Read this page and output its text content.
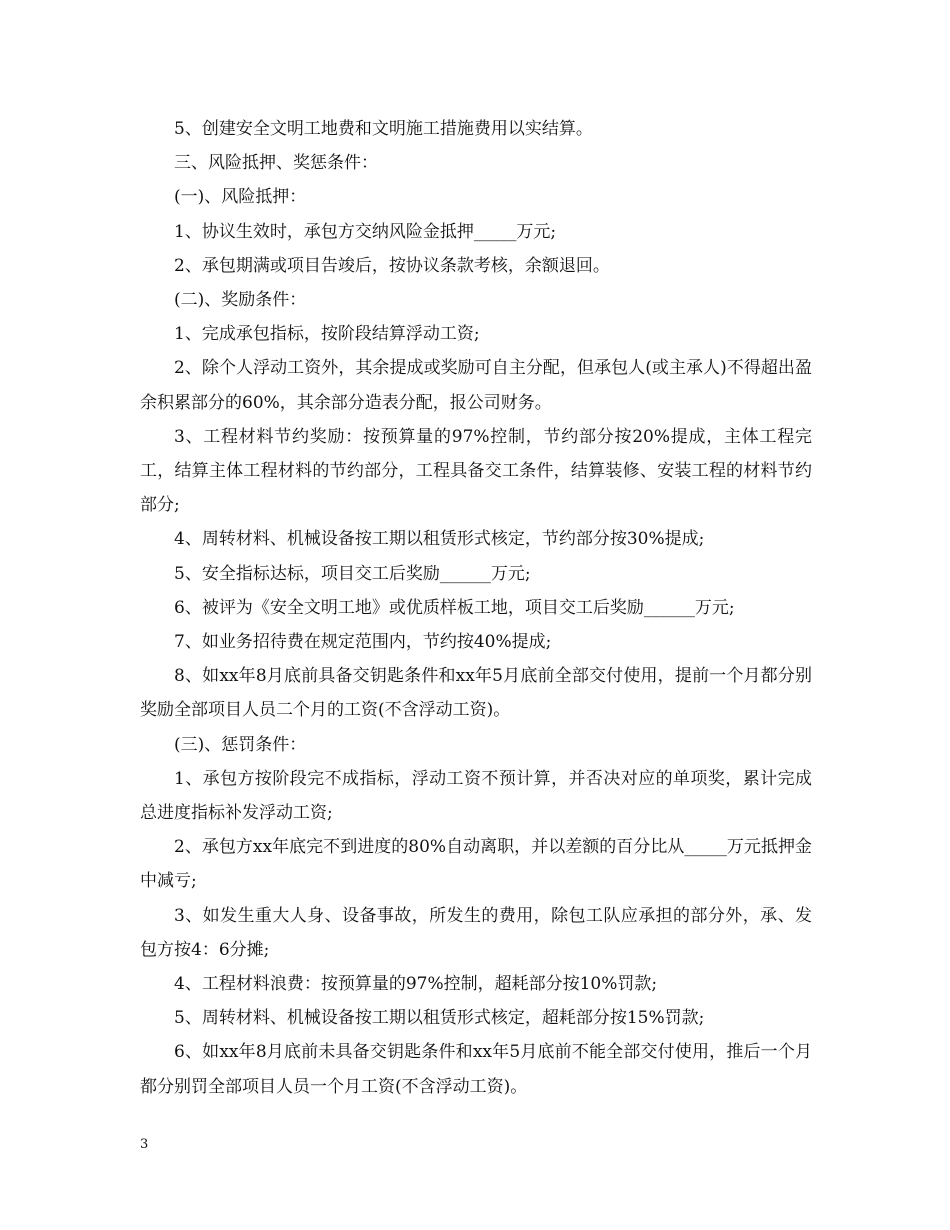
5、创建安全文明工地费和文明施工措施费用以实结算。

三、风险抵押、奖惩条件：

(一)、风险抵押：

1、协议生效时，承包方交纳风险金抵押_____万元;

2、承包期满或项目告竣后，按协议条款考核，余额退回。

(二)、奖励条件：

1、完成承包指标，按阶段结算浮动工资;

2、除个人浮动工资外，其余提成或奖励可自主分配，但承包人(或主承人)不得超出盈余积累部分的60%，其余部分造表分配，报公司财务。

3、工程材料节约奖励：按预算量的97%控制，节约部分按20%提成，主体工程完工，结算主体工程材料的节约部分，工程具备交工条件，结算装修、安装工程的材料节约部分;

4、周转材料、机械设备按工期以租赁形式核定，节约部分按30%提成;

5、安全指标达标，项目交工后奖励______万元;

6、被评为《安全文明工地》或优质样板工地，项目交工后奖励______万元;

7、如业务招待费在规定范围内，节约按40%提成;

8、如xx年8月底前具备交钥匙条件和xx年5月底前全部交付使用，提前一个月都分别奖励全部项目人员二个月的工资(不含浮动工资)。

(三)、惩罚条件：

1、承包方按阶段完不成指标，浮动工资不预计算，并否决对应的单项奖，累计完成总进度指标补发浮动工资;

2、承包方xx年底完不到进度的80%自动离职，并以差额的百分比从_____万元抵押金中减亏;

3、如发生重大人身、设备事故，所发生的费用，除包工队应承担的部分外，承、发包方按4：6分摊;

4、工程材料浪费：按预算量的97%控制，超耗部分按10%罚款;

5、周转材料、机械设备按工期以租赁形式核定，超耗部分按15%罚款;

6、如xx年8月底前未具备交钥匙条件和xx年5月底前不能全部交付使用，推后一个月都分别罚全部项目人员一个月工资(不含浮动工资)。

3
